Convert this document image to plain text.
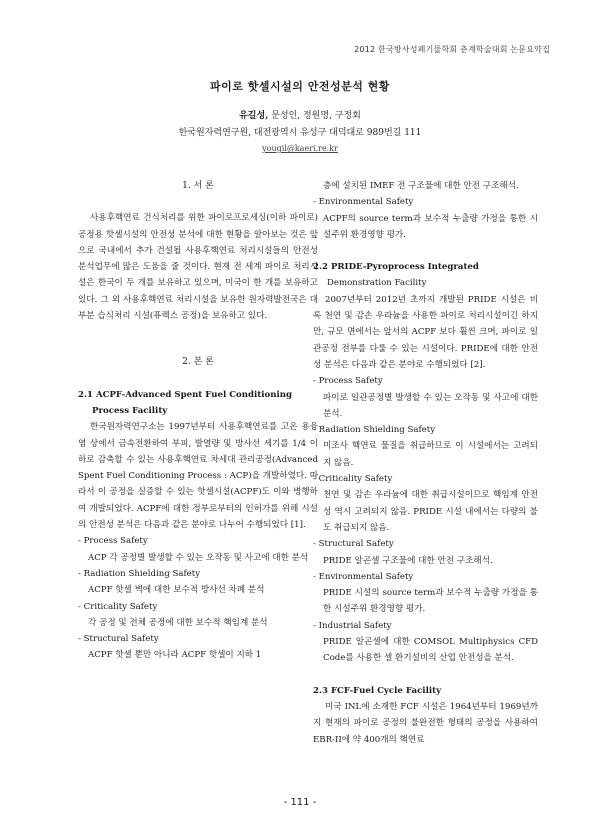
2012 한국방사성폐기물학회 춘계학술대회 논문요약집
파이로 핫셀시설의 안전성분석 현황
유길성, 문성인, 정원명, 구정회
한국원자력연구원, 대전광역시 유성구 대덕대로 989번길 111
yougil@kaeri.re.kr
1. 서 론

사용후핵연료 건식처리를 위한 파이로프로세싱(이하 파이로) 공정용 핫셀시설의 안전성 분석에 대한 현황을 알아보는 것은 앞으로 국내에서 추가 건설될 사용후핵연료 처리시설들의 안전성 분석업무에 많은 도움을 줄 것이다. 현재 전 세계 파이로 처리시설은 한국이 두 개를 보유하고 있으며, 미국이 한 개를 보유하고 있다. 그 외 사용후핵연료 처리시설을 보유한 원자력발전국은 대부분 습식처리 시설(퓨렉스 공정)을 보유하고 있다.

2. 본 론
2.1 ACPF-Advanced Spent Fuel Conditioning
Process Facility

한국원자력연구소는 1997년부터 사용후핵연료를 고온 용융염 상에서 금속전환하여 부피, 발열량 및 방사선 세기를 1/4 이하로 감축할 수 있는 사용후핵연료 차세대 관리공정(Advanced Spent Fuel Conditioning Process : ACP)을 개발하였다. 따라서 이 공정을 실증할 수 있는 핫셀시설(ACPF)도 이와 병행하여 개발되었다. ACPF에 대한 정부로부터의 인허가를 위해 시설의 안전성 분석은 다음과 같은 분야로 나누어 수행되었다 [1].

- Process Safety
ACP 각 공정별 발생할 수 있는 오작동 및 사고에 대한 분석
- Radiation Shielding Safety
ACPF 핫셀 벽에 대한 보수적 방사선 차폐 분석
- Criticality Safety
각 공정 및 전체 공정에 대한 보수적 핵임계 분석
- Structural Safety
ACPF 핫셀 뿐만 아니라 ACPF 핫셀이 지하 1
층에 설치된 IMEF 전 구조물에 대한 안전 구조해석.
- Environmental Safety
ACPF의 source term과 보수적 누출량 가정을 통한 시설주위 환경영향 평가.
2.2 PRIDE-Pyroprocess Integrated
Demonstration Facility

2007년부터 2012년 초까지 개발된 PRIDE 시설은 비록 천연 및 감손 우라늄을 사용한 파이로 처리시설이긴 하지만, 규모 면에서는 앞서의 ACPF 보다 훨씬 크며, 파이로 일관공정 전부를 다룰 수 있는 시설이다. PRIDE에 대한 안전성 분석은 다음과 같은 분야로 수행되었다 [2].

- Process Safety
파이로 일관공정별 발생할 수 있는 오작동 및 사고에 대한 분석.
- Radiation Shielding Safety
미조사 핵연료 물질을 취급하므로 이 시설에서는 고려되지 않음.
- Criticality Safety
천연 및 감손 우라늄에 대한 취급시설이므로 핵임계 안전성 역시 고려되지 않음. PRIDE 시설 내에서는 다량의 불도 취급되지 않음.
- Structural Safety
PRIDE 알곤셀 구조물에 대한 안전 구조해석.
- Environmental Safety
PRIDE 시설의 source term과 보수적 누출량 가정을 통한 시설주위 환경영향 평가.
- Industrial Safety
PRIDE 알곤셀에 대한 COMSOL Multiphysics CFD Code를 사용한 셀 환기설비의 산업 안전성을 분석.
2.3 FCF-Fuel Cycle Facility

미국 INL에 소재한 FCF 시설은 1964년부터 1969년까지 현재의 파이로 공정의 불완전한 형태의 공정을 사용하여 EBR-II에 약 400개의 핵연료

- 111 -
